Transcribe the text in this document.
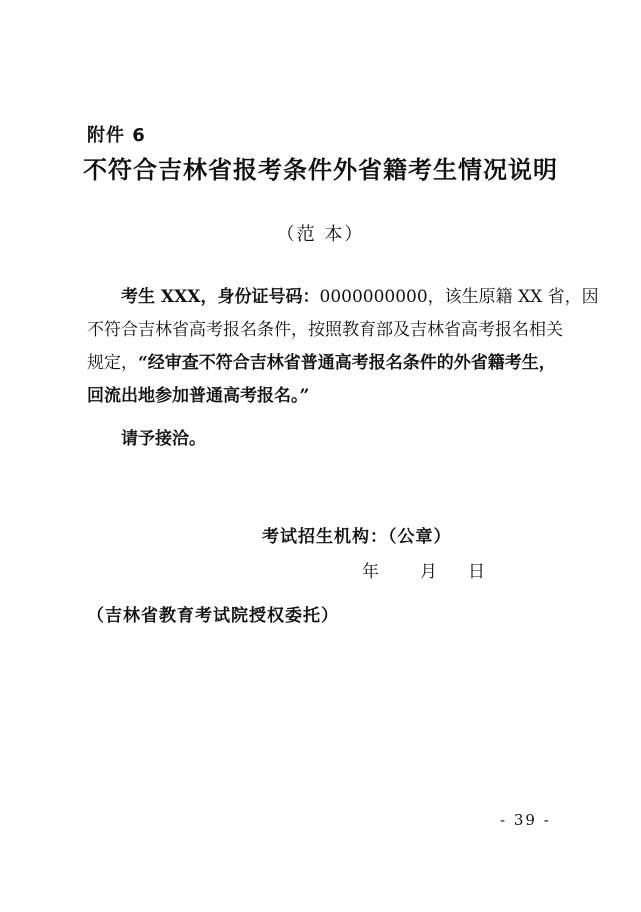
附件 6
不符合吉林省报考条件外省籍考生情况说明
（范 本）
考生 XXX，身份证号码：0000000000，该生原籍 XX 省，因
不符合吉林省高考报名条件，按照教育部及吉林省高考报名相关
规定，“经审查不符合吉林省普通高考报名条件的外省籍考生，
回流出地参加普通高考报名。”
请予接洽。
考试招生机构：（公章）
年 月 日
（吉林省教育考试院授权委托）
- 39 -
